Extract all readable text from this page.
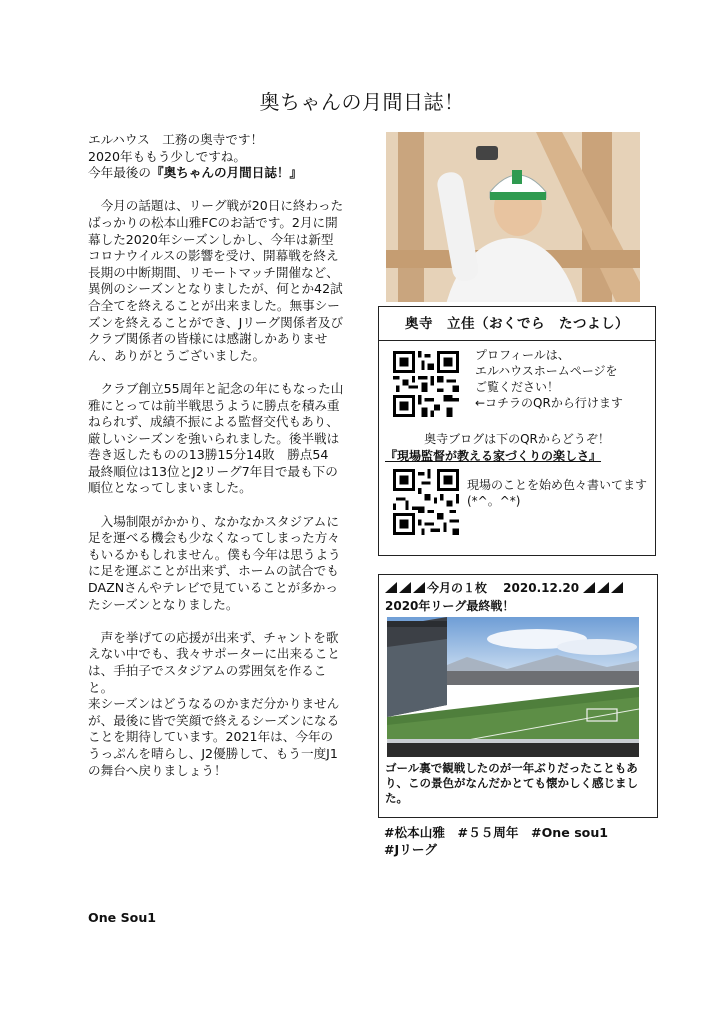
奥ちゃんの月間日誌！

エルハウス　工務の奥寺です！
2020年ももう少しですね。
今年最後の『奥ちゃんの月間日誌！』

　今月の話題は、リーグ戦が20日に終わったばっかりの松本山雅FCのお話です。2月に開幕した2020年シーズンしかし、今年は新型コロナウイルスの影響を受け、開幕戦を終え長期の中断期間、リモートマッチ開催など、異例のシーズンとなりましたが、何とか42試合全てを終えることが出来ました。無事シーズンを終えることができ、Jリーグ関係者及びクラブ関係者の皆様には感謝しかありません、ありがとうございました。

　クラブ創立55周年と記念の年にもなった山雅にとっては前半戦思うように勝点を積み重ねられず、成績不振による監督交代もあり、厳しいシーズンを強いられました。後半戦は巻き返したものの13勝15分14敗　勝点54　最終順位は13位とJ2リーグ7年目で最も下の順位となってしまいました。

　入場制限がかかり、なかなかスタジアムに足を運べる機会も少なくなってしまった方々もいるかもしれません。僕も今年は思うように足を運ぶことが出来ず、ホームの試合でもDAZNさんやテレビで見ていることが多かったシーズンとなりました。

　声を挙げての応援が出来ず、チャントを歌えない中でも、我々サポーターに出来ることは、手拍子でスタジアムの雰囲気を作ること。
来シーズンはどうなるのかまだ分かりませんが、最後に皆で笑顔で終えるシーズンになることを期待しています。2021年は、今年のうっぷんを晴らし、J2優勝して、もう一度J1の舞台へ戻りましょう！

One Sou1
奥寺　立佳（おくでら　たつよし）
プロフィールは、
エルハウスホームページを
ご覧ください！
←コチラのQRから行けます
奥寺ブログは下のQRからどうぞ！
『現場監督が教える家づくりの楽しさ』
現場のことを始め色々書いてます(*^。^*)
今月の１枚　 2020.12.20
2020年リーグ最終戦！
ゴール裏で観戦したのが一年ぶりだったこともあり、この景色がなんだかとても懐かしく感じました。
#松本山雅　#５５周年　#One sou1
#Jリーグ
